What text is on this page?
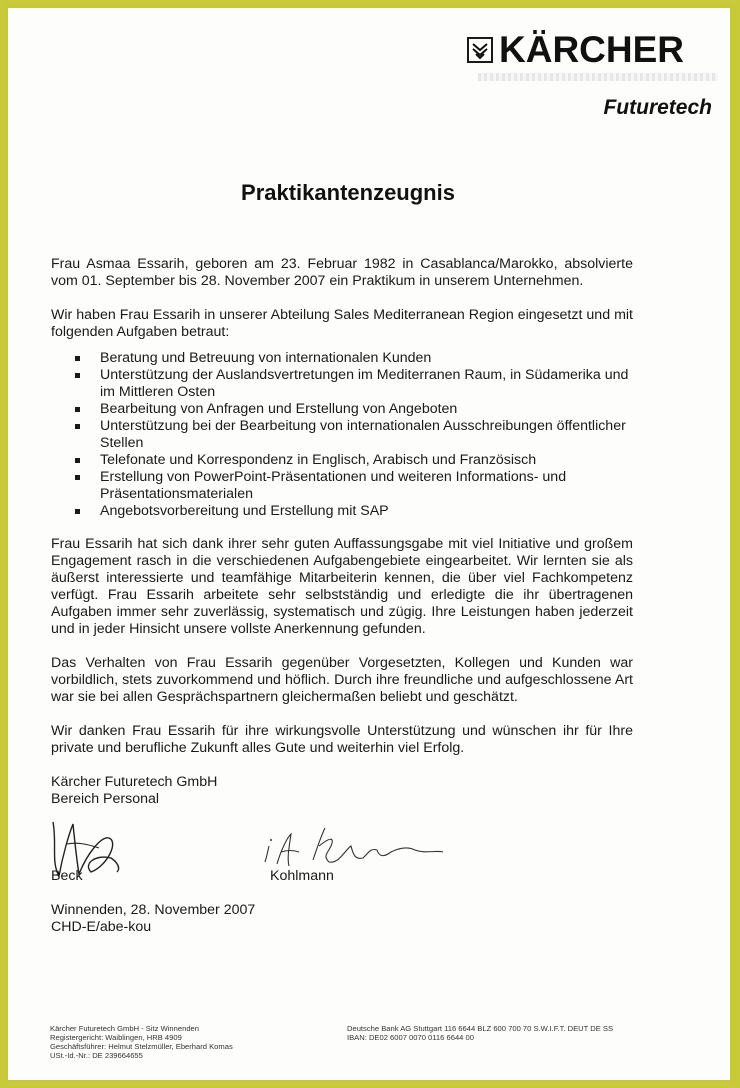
KÄRCHER
Futuretech
Praktikantenzeugnis

Frau Asmaa Essarih, geboren am 23. Februar 1982 in Casablanca/Marokko, absolvierte vom 01. September bis 28. November 2007 ein Praktikum in unserem Unternehmen.

Wir haben Frau Essarih in unserer Abteilung Sales Mediterranean Region eingesetzt und mit folgenden Aufgaben betraut:

Beratung und Betreuung von internationalen Kunden
Unterstützung der Auslandsvertretungen im Mediterranen Raum, in Südamerika und im Mittleren Osten
Bearbeitung von Anfragen und Erstellung von Angeboten
Unterstützung bei der Bearbeitung von internationalen Ausschreibungen öffentlicher Stellen
Telefonate und Korrespondenz in Englisch, Arabisch und Französisch
Erstellung von PowerPoint-Präsentationen und weiteren Informations- und Präsentationsmaterialen
Angebotsvorbereitung und Erstellung mit SAP

Frau Essarih hat sich dank ihrer sehr guten Auffassungsgabe mit viel Initiative und großem Engagement rasch in die verschiedenen Aufgabengebiete eingearbeitet. Wir lernten sie als äußerst interessierte und teamfähige Mitarbeiterin kennen, die über viel Fachkompetenz verfügt. Frau Essarih arbeitete sehr selbstständig und erledigte die ihr übertragenen Aufgaben immer sehr zuverlässig, systematisch und zügig. Ihre Leistungen haben jederzeit und in jeder Hinsicht unsere vollste Anerkennung gefunden.

Das Verhalten von Frau Essarih gegenüber Vorgesetzten, Kollegen und Kunden war vorbildlich, stets zuvorkommend und höflich. Durch ihre freundliche und aufgeschlossene Art war sie bei allen Gesprächspartnern gleichermaßen beliebt und geschätzt.

Wir danken Frau Essarih für ihre wirkungsvolle Unterstützung und wünschen ihr für Ihre private und berufliche Zukunft alles Gute und weiterhin viel Erfolg.

Kärcher Futuretech GmbH
Bereich Personal
Beck	Kohlmann
Winnenden, 28. November 2007
CHD-E/abe-kou
Kärcher Futuretech GmbH - Sitz Winnenden
Registergericht: Waiblingen, HRB 4909
Geschäftsführer: Helmut Stelzmüller, Eberhard Komas
USt.-Id.-Nr.: DE 239664655
Deutsche Bank AG Stuttgart 116 6644 BLZ 600 700 70 S.W.I.F.T. DEUT DE SS
IBAN: DE02 6007 0070 0116 6644 00
